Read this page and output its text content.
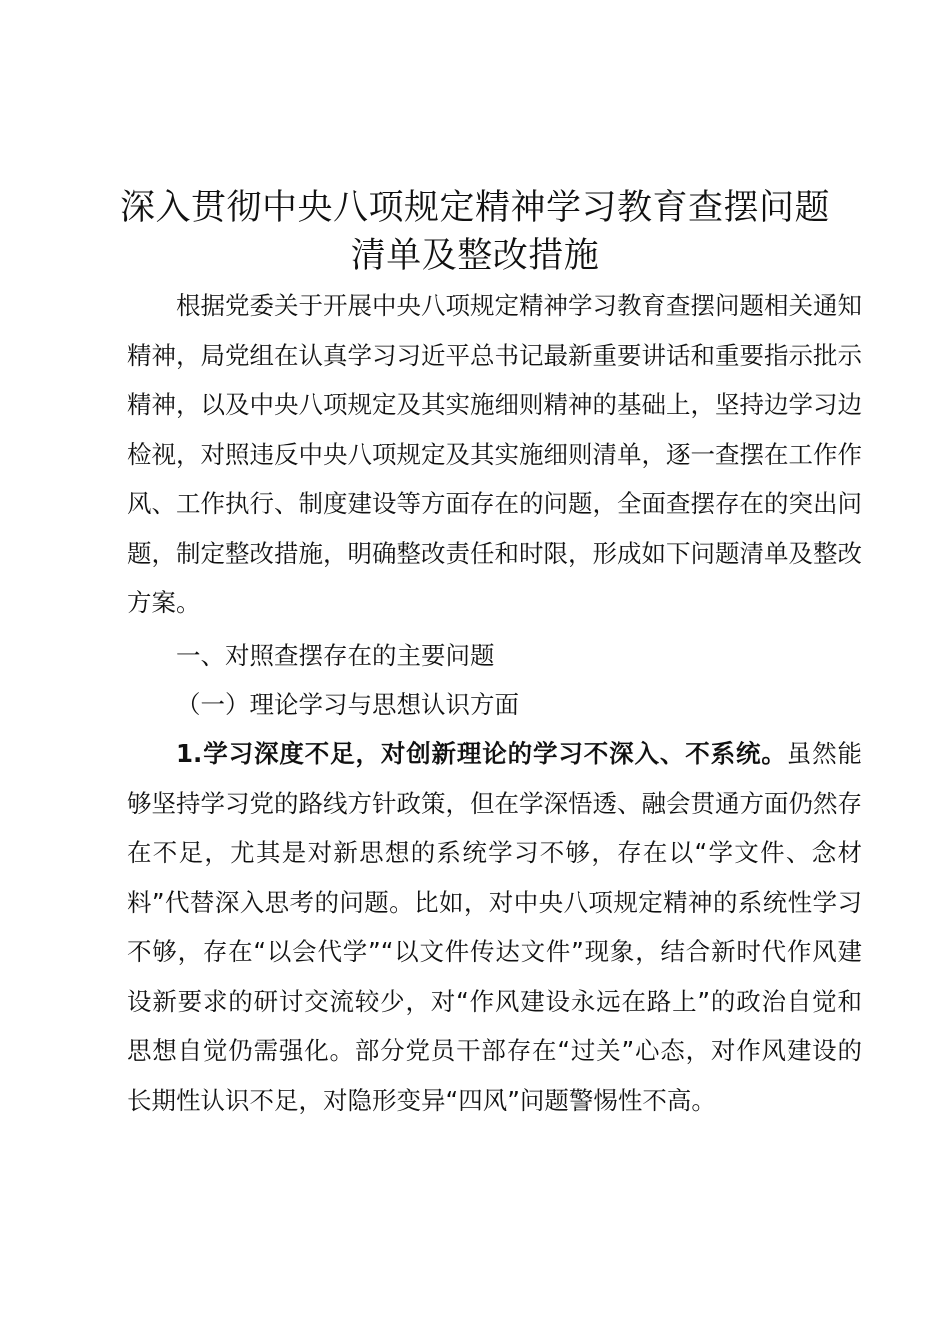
深入贯彻中央八项规定精神学习教育查摆问题
清单及整改措施

根据党委关于开展中央八项规定精神学习教育查摆问题相关通知精神，局党组在认真学习习近平总书记最新重要讲话和重要指示批示精神，以及中央八项规定及其实施细则精神的基础上，坚持边学习边检视，对照违反中央八项规定及其实施细则清单，逐一查摆在工作作风、工作执行、制度建设等方面存在的问题，全面查摆存在的突出问题，制定整改措施，明确整改责任和时限，形成如下问题清单及整改方案。

一、对照查摆存在的主要问题

（一）理论学习与思想认识方面

1.学习深度不足，对创新理论的学习不深入、不系统。虽然能够坚持学习党的路线方针政策，但在学深悟透、融会贯通方面仍然存在不足，尤其是对新思想的系统学习不够，存在以“学文件、念材料”代替深入思考的问题。比如，对中央八项规定精神的系统性学习不够，存在“以会代学”“以文件传达文件”现象，结合新时代作风建设新要求的研讨交流较少，对“作风建设永远在路上”的政治自觉和思想自觉仍需强化。部分党员干部存在“过关”心态，对作风建设的长期性认识不足，对隐形变异“四风”问题警惕性不高。
